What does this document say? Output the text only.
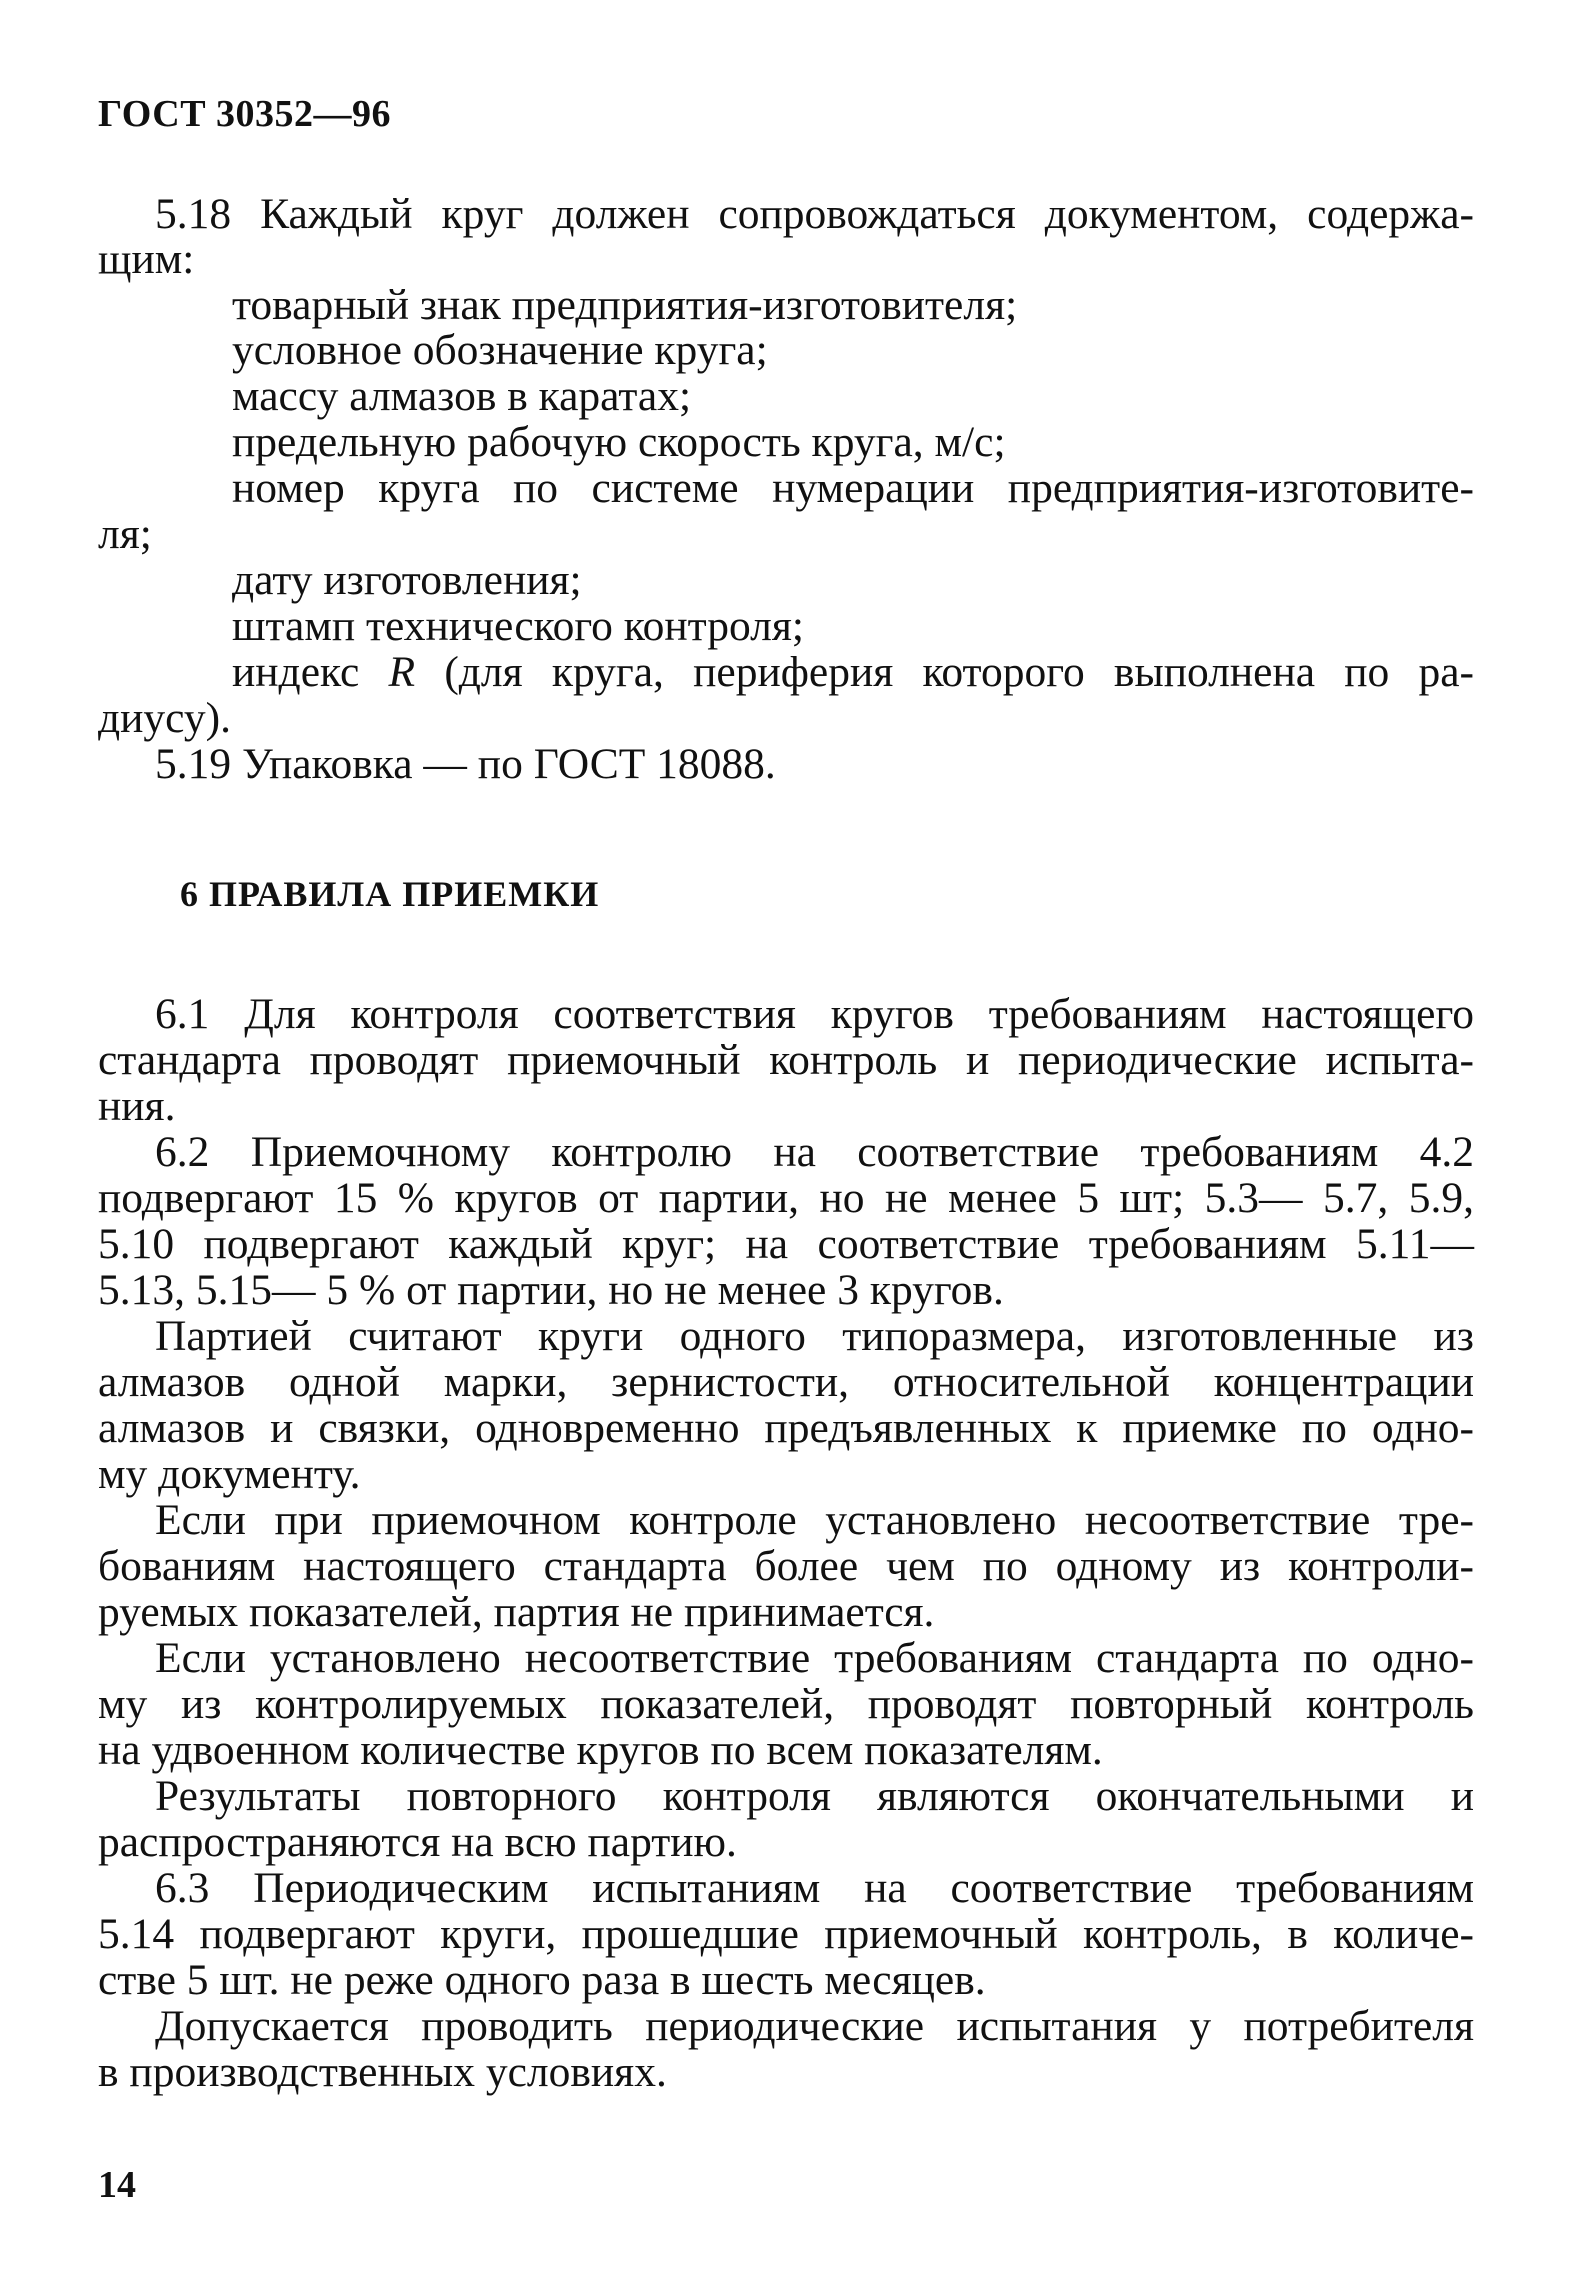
ГОСТ 30352—96
5.18 Каждый круг должен сопровождаться документом, содержа-
щим:
товарный знак предприятия-изготовителя;
условное обозначение круга;
массу алмазов в каратах;
предельную рабочую скорость круга, м/с;
номер круга по системе нумерации предприятия-изготовите-
ля;
дату изготовления;
штамп технического контроля;
индекс R (для круга, периферия которого выполнена по ра-
диусу).
5.19 Упаковка — по ГОСТ 18088.
6 ПРАВИЛА ПРИЕМКИ
6.1 Для контроля соответствия кругов требованиям настоящего
стандарта проводят приемочный контроль и периодические испыта-
ния.
6.2 Приемочному контролю на соответствие требованиям 4.2
подвергают 15 % кругов от партии, но не менее 5 шт; 5.3— 5.7, 5.9,
5.10 подвергают каждый круг; на соответствие требованиям 5.11—
5.13, 5.15— 5 % от партии, но не менее 3 кругов.
Партией считают круги одного типоразмера, изготовленные из
алмазов одной марки, зернистости, относительной концентрации
алмазов и связки, одновременно предъявленных к приемке по одно-
му документу.
Если при приемочном контроле установлено несоответствие тре-
бованиям настоящего стандарта более чем по одному из контроли-
руемых показателей, партия не принимается.
Если установлено несоответствие требованиям стандарта по одно-
му из контролируемых показателей, проводят повторный контроль
на удвоенном количестве кругов по всем показателям.
Результаты повторного контроля являются окончательными и
распространяются на всю партию.
6.3 Периодическим испытаниям на соответствие требованиям
5.14 подвергают круги, прошедшие приемочный контроль, в количе-
стве 5 шт. не реже одного раза в шесть месяцев.
Допускается проводить периодические испытания у потребителя
в производственных условиях.
14
